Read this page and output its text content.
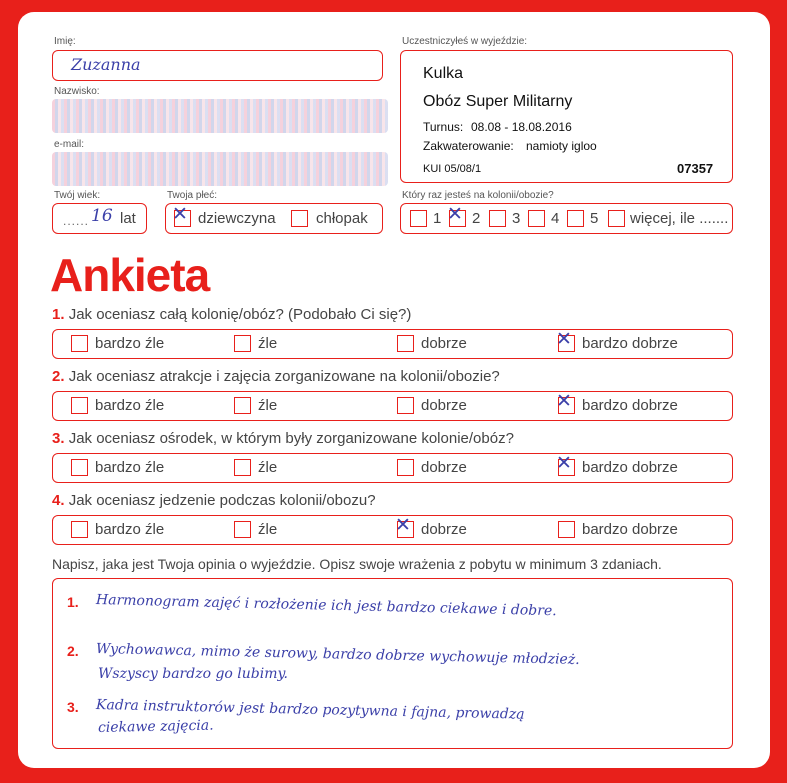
Imię:
Zuzanna
Nazwisko:
e-mail:
Twój wiek:
...... 16 lat
Twoja płeć:
✕ dziewczyna	chłopak
Uczestniczyłeś w wyjeździe:
Kulka
Obóz Super Militarny
Turnus: 08.08 - 18.08.2016
Zakwaterowanie: namioty igloo
KUI 05/08/1	07357
Który raz jesteś na kolonii/obozie?
1 ✕ 2 3 4 5 więcej, ile .......
Ankieta
1. Jak oceniasz całą kolonię/obóz? (Podobało Ci się?)
bardzo źle	źle	dobrze	✕ bardzo dobrze
2. Jak oceniasz atrakcje i zajęcia zorganizowane na kolonii/obozie?
bardzo źle	źle	dobrze	✕ bardzo dobrze
3. Jak oceniasz ośrodek, w którym były zorganizowane kolonie/obóz?
bardzo źle	źle	dobrze	✕ bardzo dobrze
4. Jak oceniasz jedzenie podczas kolonii/obozu?
bardzo źle	źle	✕ dobrze	bardzo dobrze
Napisz, jaka jest Twoja opinia o wyjeździe. Opisz swoje wrażenia z pobytu w minimum 3 zdaniach.
1. Harmonogram zajęć i rozłożenie ich jest bardzo ciekawe i dobre.
2. Wychowawca, mimo że surowy, bardzo dobrze wychowuje młodzież.
Wszyscy bardzo go lubimy.
3. Kadra instruktorów jest bardzo pozytywna i fajna, prowadzą
ciekawe zajęcia.
